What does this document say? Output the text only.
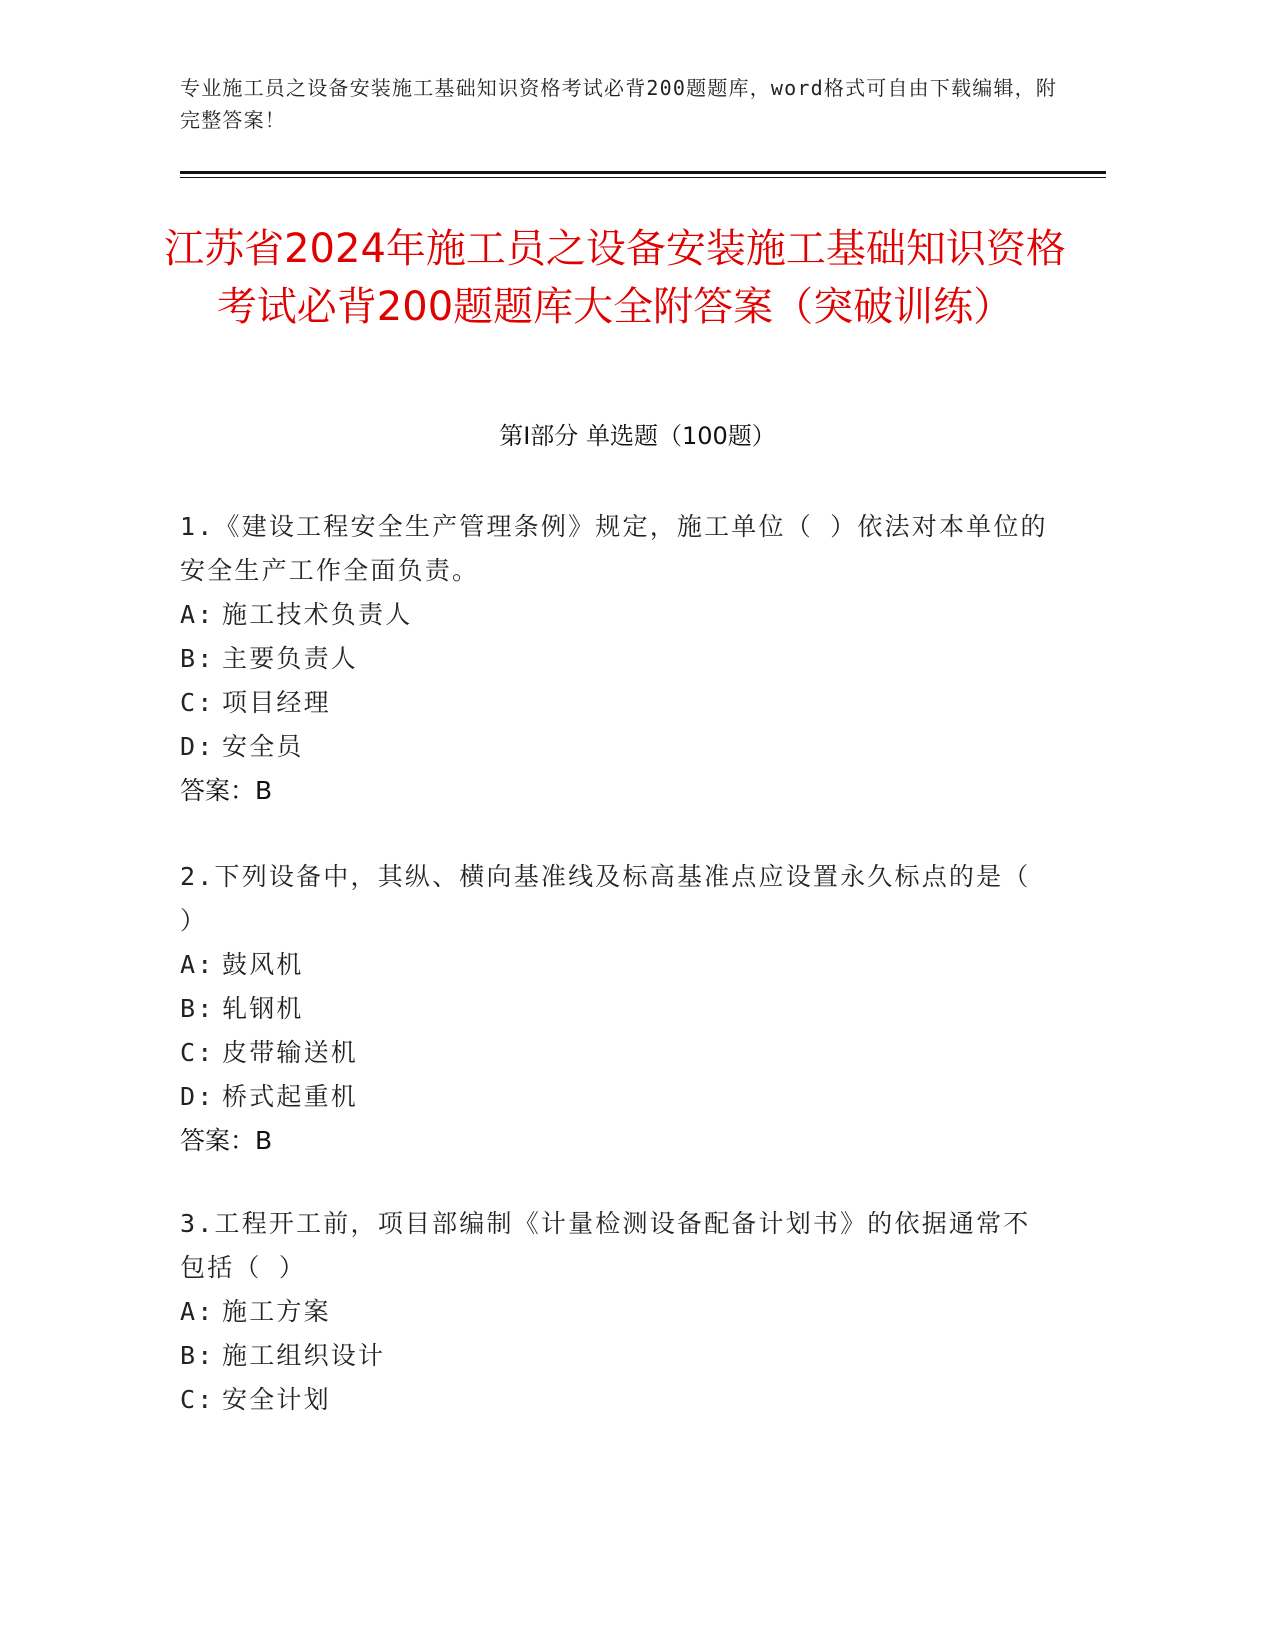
专业施工员之设备安装施工基础知识资格考试必背200题题库，word格式可自由下载编辑，附完整答案！
江苏省2024年施工员之设备安装施工基础知识资格考试必背200题题库大全附答案（突破训练）
第I部分 单选题（100题）

1.《建设工程安全生产管理条例》规定，施工单位（ ）依法对本单位的安全生产工作全面负责。

A: 施工技术负责人

B: 主要负责人

C: 项目经理

D: 安全员

答案：B

2.下列设备中，其纵、横向基准线及标高基准点应设置永久标点的是（ ）

A: 鼓风机

B: 轧钢机

C: 皮带输送机

D: 桥式起重机

答案：B

3.工程开工前，项目部编制《计量检测设备配备计划书》的依据通常不包括（ ）

A: 施工方案

B: 施工组织设计

C: 安全计划
